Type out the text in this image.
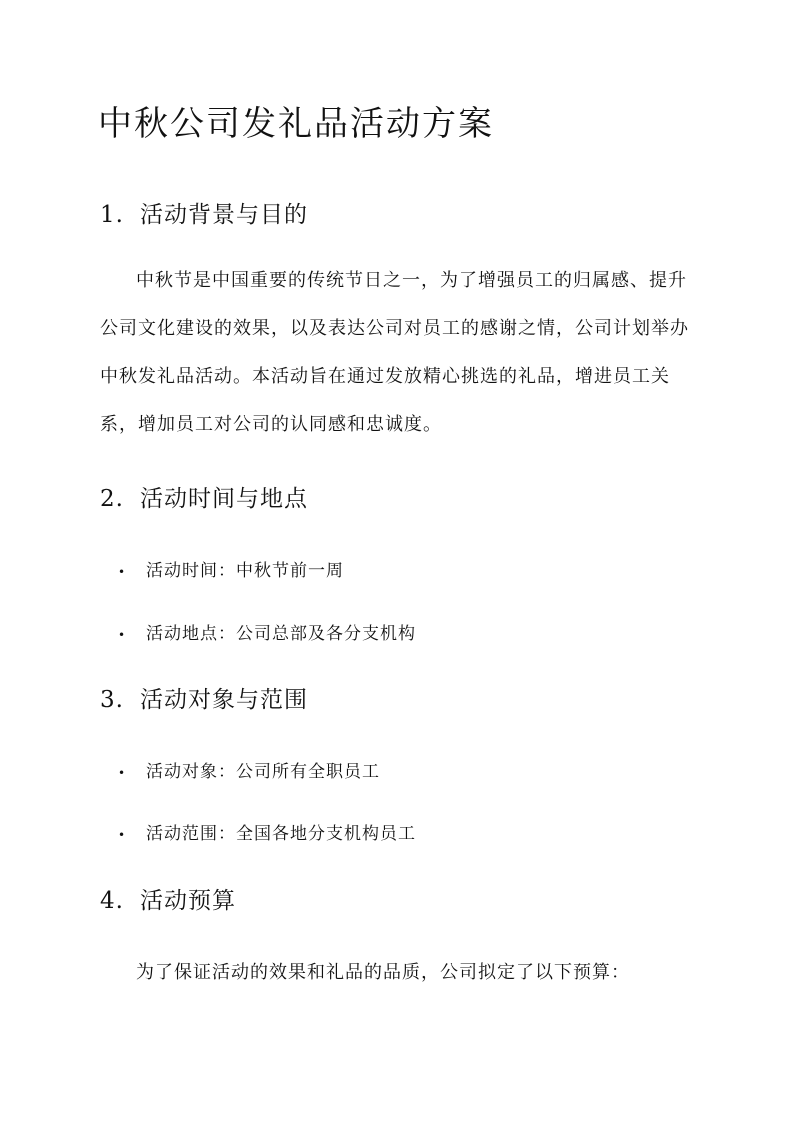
中秋公司发礼品活动方案
1. 活动背景与目的

中秋节是中国重要的传统节日之一，为了增强员工的归属感、提升公司文化建设的效果，以及表达公司对员工的感谢之情，公司计划举办中秋发礼品活动。本活动旨在通过发放精心挑选的礼品，增进员工关系，增加员工对公司的认同感和忠诚度。

2. 活动时间与地点

• 活动时间：中秋节前一周

• 活动地点：公司总部及各分支机构

3. 活动对象与范围

• 活动对象：公司所有全职员工

• 活动范围：全国各地分支机构员工

4. 活动预算

为了保证活动的效果和礼品的品质，公司拟定了以下预算：
